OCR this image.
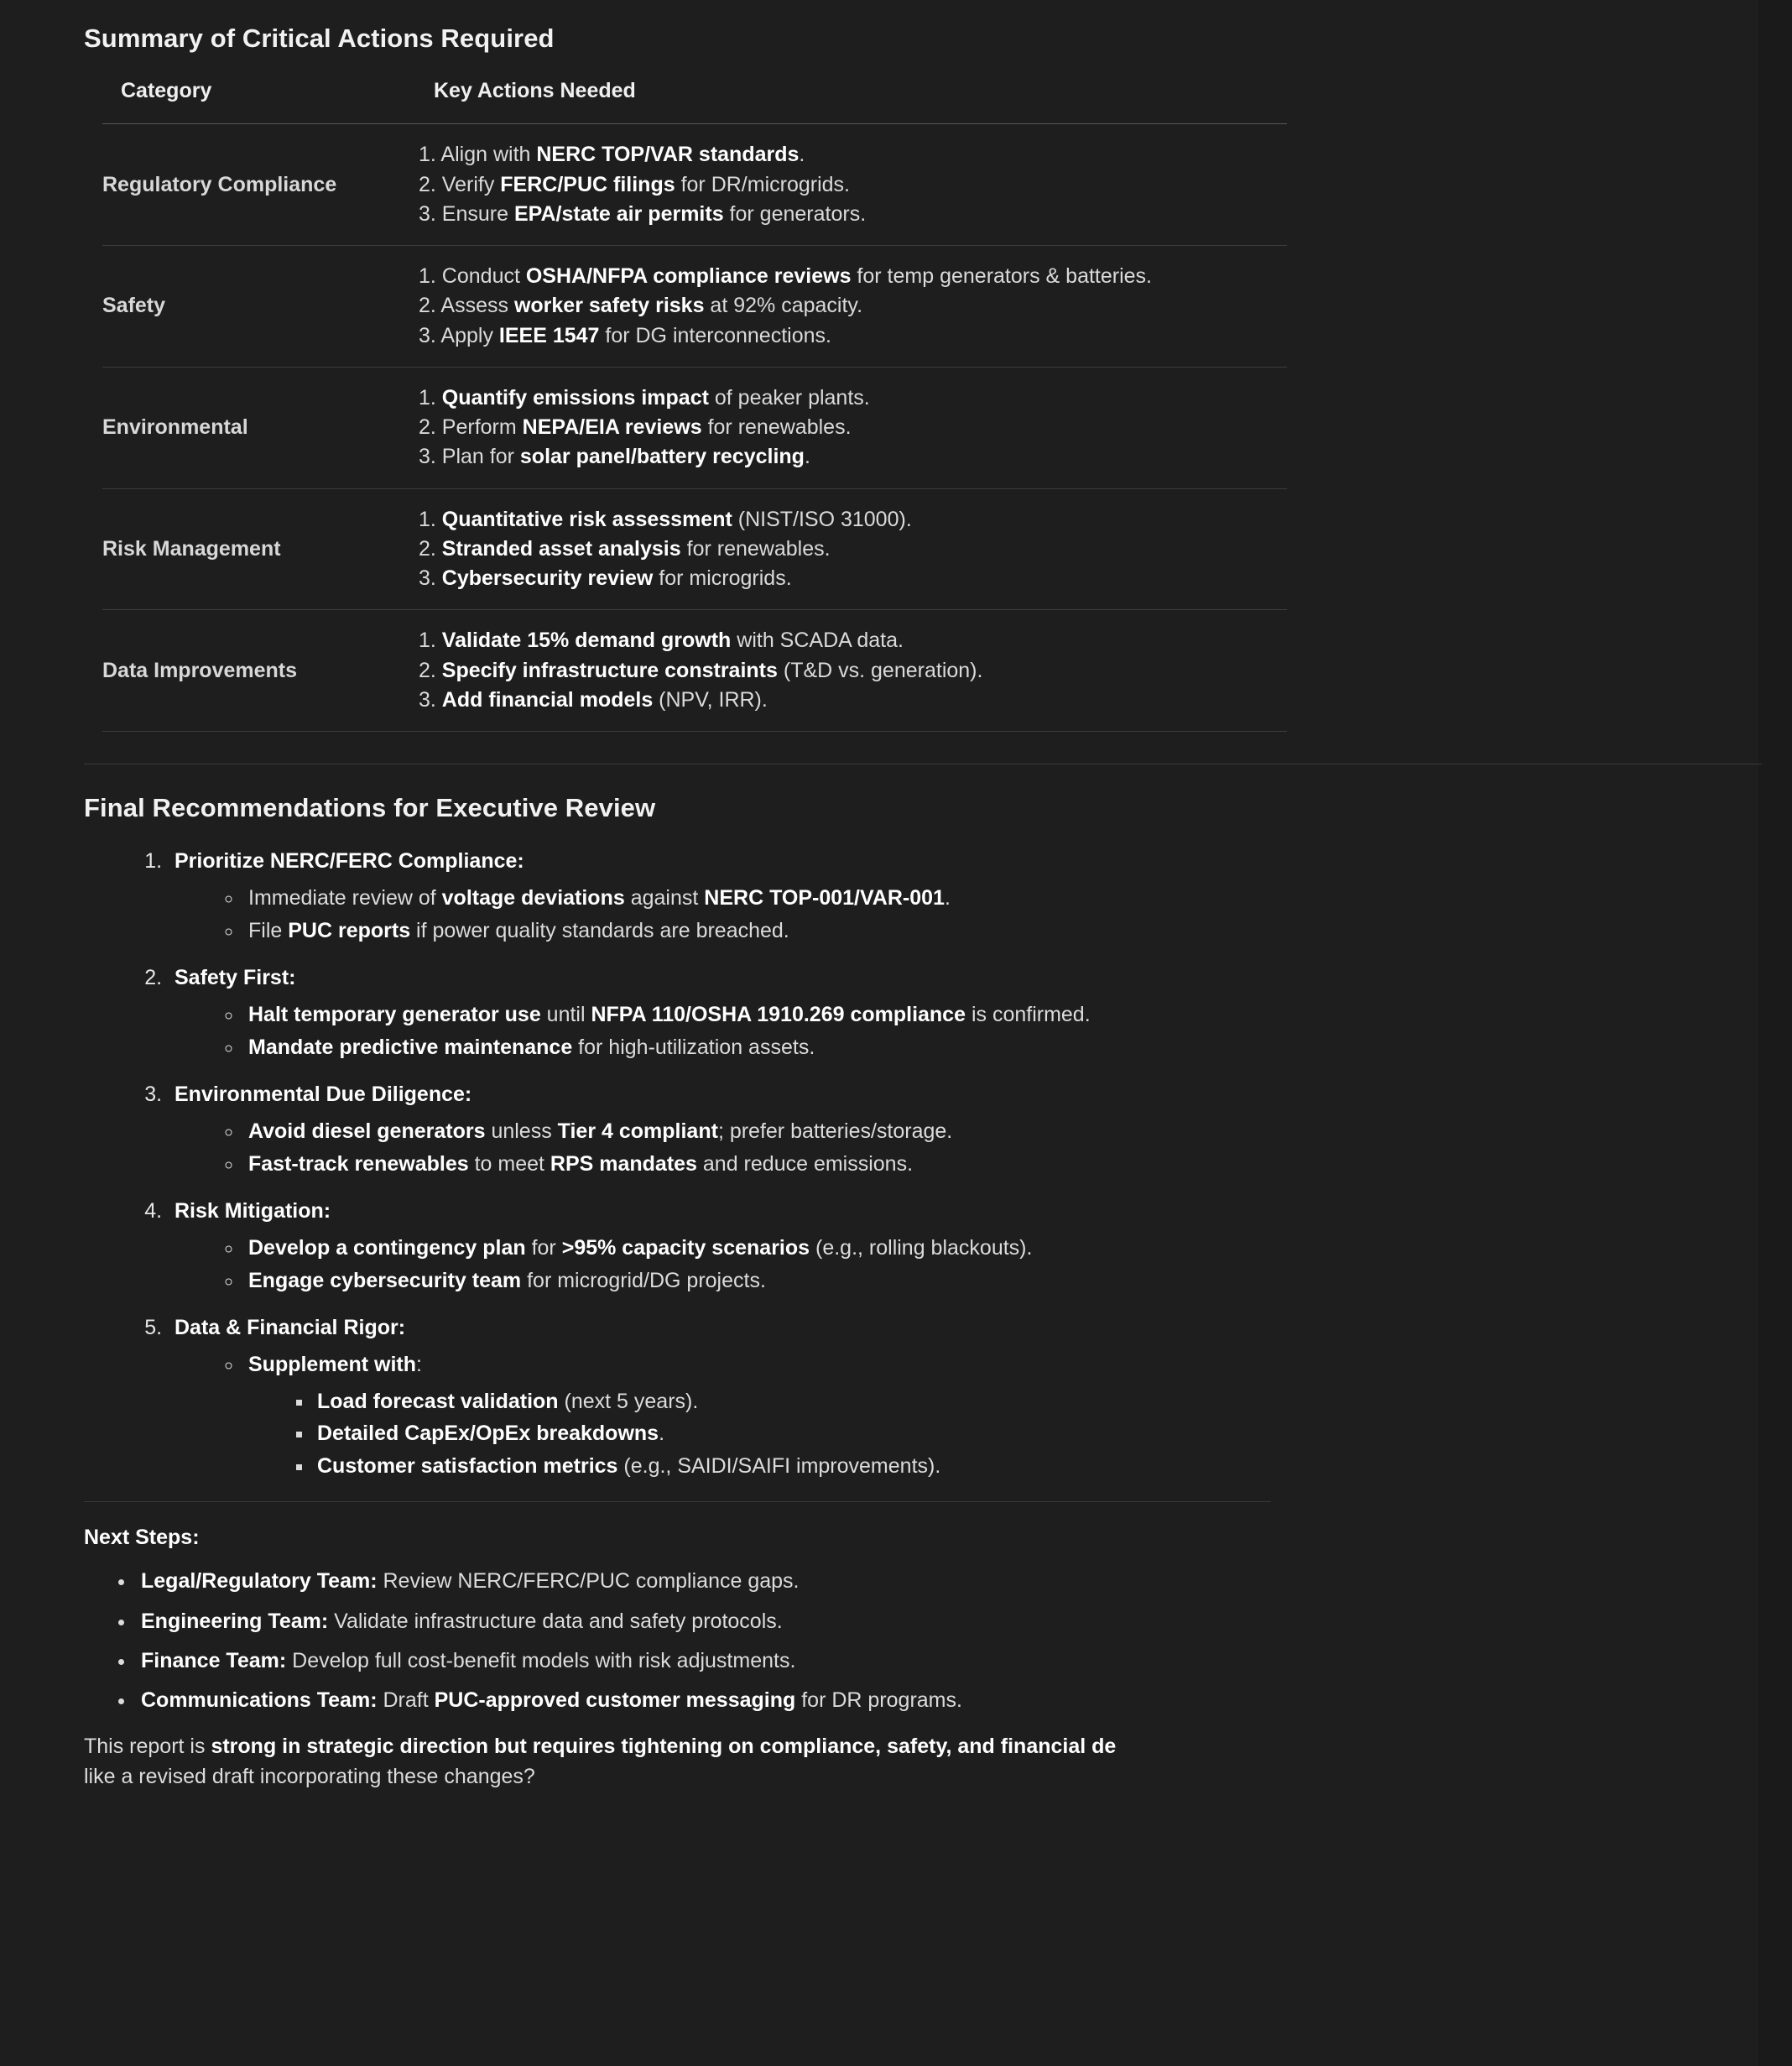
Summary of Critical Actions Required
Category	Key Actions Needed
Regulatory Compliance	
1. Align with NERC TOP/VAR standards.
2. Verify FERC/PUC filings for DR/microgrids.
3. Ensure EPA/state air permits for generators.

Safety	
1. Conduct OSHA/NFPA compliance reviews for temp generators & batteries.
2. Assess worker safety risks at 92% capacity.
3. Apply IEEE 1547 for DG interconnections.

Environmental	
1. Quantify emissions impact of peaker plants.
2. Perform NEPA/EIA reviews for renewables.
3. Plan for solar panel/battery recycling.

Risk Management	
1. Quantitative risk assessment (NIST/ISO 31000).
2. Stranded asset analysis for renewables.
3. Cybersecurity review for microgrids.

Data Improvements	
1. Validate 15% demand growth with SCADA data.
2. Specify infrastructure constraints (T&D vs. generation).
3. Add financial models (NPV, IRR).
Final Recommendations for Executive Review
1. Prioritize NERC/FERC Compliance:
◦ Immediate review of voltage deviations against NERC TOP-001/VAR-001.
◦ File PUC reports if power quality standards are breached.
2. Safety First:
◦ Halt temporary generator use until NFPA 110/OSHA 1910.269 compliance is confirmed.
◦ Mandate predictive maintenance for high-utilization assets.
3. Environmental Due Diligence:
◦ Avoid diesel generators unless Tier 4 compliant; prefer batteries/storage.
◦ Fast-track renewables to meet RPS mandates and reduce emissions.
4. Risk Mitigation:
◦ Develop a contingency plan for >95% capacity scenarios (e.g., rolling blackouts).
◦ Engage cybersecurity team for microgrid/DG projects.
5. Data & Financial Rigor:
◦ Supplement with:
▪ Load forecast validation (next 5 years).
▪ Detailed CapEx/OpEx breakdowns.
▪ Customer satisfaction metrics (e.g., SAIDI/SAIFI improvements).
Next Steps:
• Legal/Regulatory Team: Review NERC/FERC/PUC compliance gaps.
• Engineering Team: Validate infrastructure data and safety protocols.
• Finance Team: Develop full cost-benefit models with risk adjustments.
• Communications Team: Draft PUC-approved customer messaging for DR programs.

This report is strong in strategic direction but requires tightening on compliance, safety, and financial de
like a revised draft incorporating these changes?
